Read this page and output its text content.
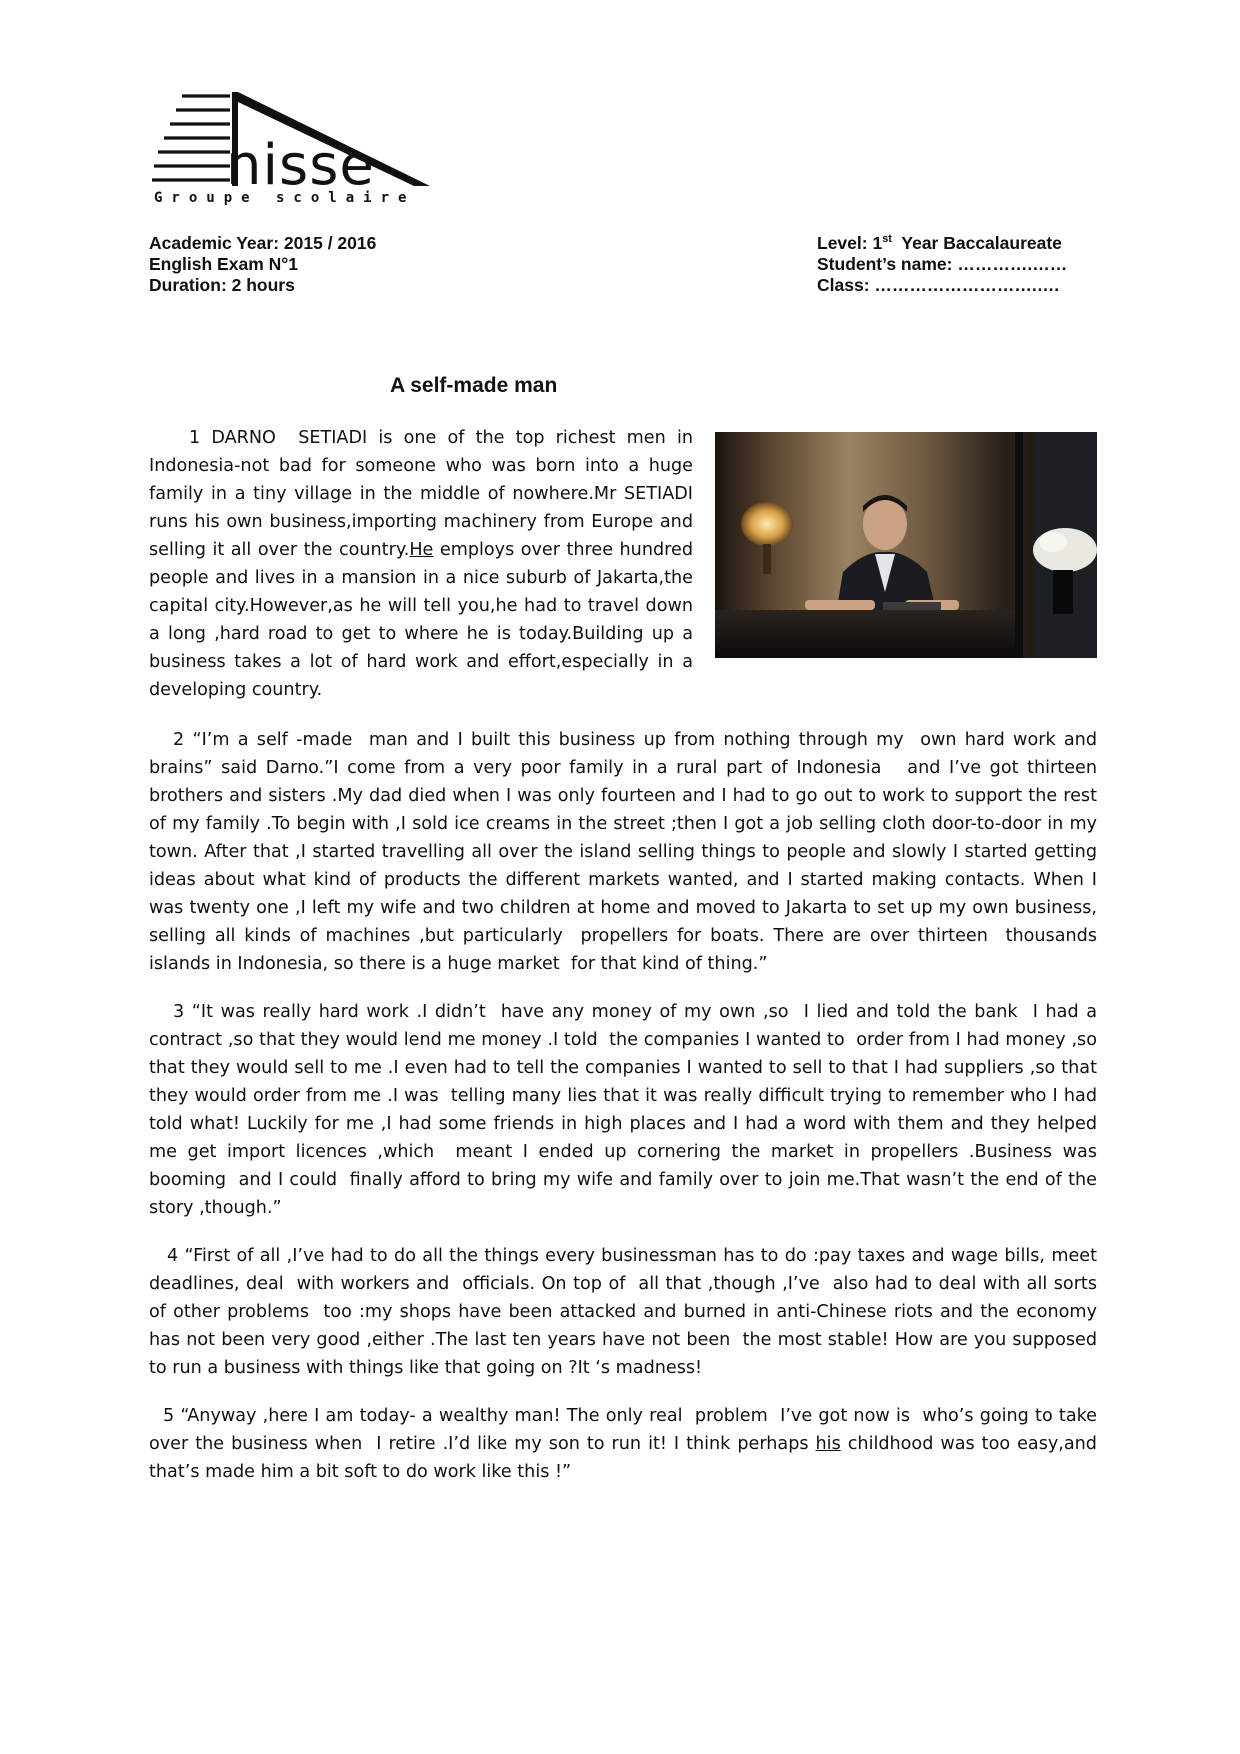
nisse
Groupe scolaire
Academic Year: 2015 / 2016
English Exam N°1
Duration: 2 hours
Level: 1st  Year Baccalaureate
Student’s name: ………….……
Class: ……………………….….
A self-made man

1 DARNO  SETIADI is one of the top richest men in Indonesia-not bad for someone who was born into a huge family in a tiny village in the middle of nowhere.Mr SETIADI runs his own business,importing machinery from Europe and selling it all over the country.He employs over three hundred people and lives in a mansion in a nice suburb of Jakarta,the capital city.However,as he will tell you,he had to travel down a long ,hard road to get to where he is today.Building up a business takes a lot of hard work and effort,especially in a developing country.

2 “I’m a self -made  man and I built this business up from nothing through my  own hard work and brains” said Darno.”I come from a very poor family in a rural part of Indonesia   and I’ve got thirteen brothers and sisters .My dad died when I was only fourteen and I had to go out to work to support the rest of my family .To begin with ,I sold ice creams in the street ;then I got a job selling cloth door-to-door in my town. After that ,I started travelling all over the island selling things to people and slowly I started getting  ideas about what kind of products the different markets wanted, and I started making contacts. When I was twenty one ,I left my wife and two children at home and moved to Jakarta to set up my own business, selling all kinds of machines ,but particularly  propellers for boats. There are over thirteen  thousands islands in Indonesia, so there is a huge market  for that kind of thing.”

3 “It was really hard work .I didn’t  have any money of my own ,so  I lied and told the bank  I had a contract ,so that they would lend me money .I told  the companies I wanted to  order from I had money ,so that they would sell to me .I even had to tell the companies I wanted to sell to that I had suppliers ,so that  they would order from me .I was  telling many lies that it was really difficult trying to remember who I had told what! Luckily for me ,I had some friends in high places and I had a word with them and they helped me get import licences ,which  meant I ended up cornering the market in propellers .Business was booming  and I could  finally afford to bring my wife and family over to join me.That wasn’t the end of the story ,though.”

4 “First of all ,I’ve had to do all the things every businessman has to do :pay taxes and wage bills, meet deadlines, deal  with workers and  officials. On top of  all that ,though ,I’ve  also had to deal with all sorts of other problems  too :my shops have been attacked and burned in anti-Chinese riots and the economy has not been very good ,either .The last ten years have not been  the most stable! How are you supposed  to run a business with things like that going on ?It ‘s madness!

5 “Anyway ,here I am today- a wealthy man! The only real  problem  I’ve got now is  who’s going to take over the business when  I retire .I’d like my son to run it! I think perhaps his childhood was too easy,and that’s made him a bit soft to do work like this !”
